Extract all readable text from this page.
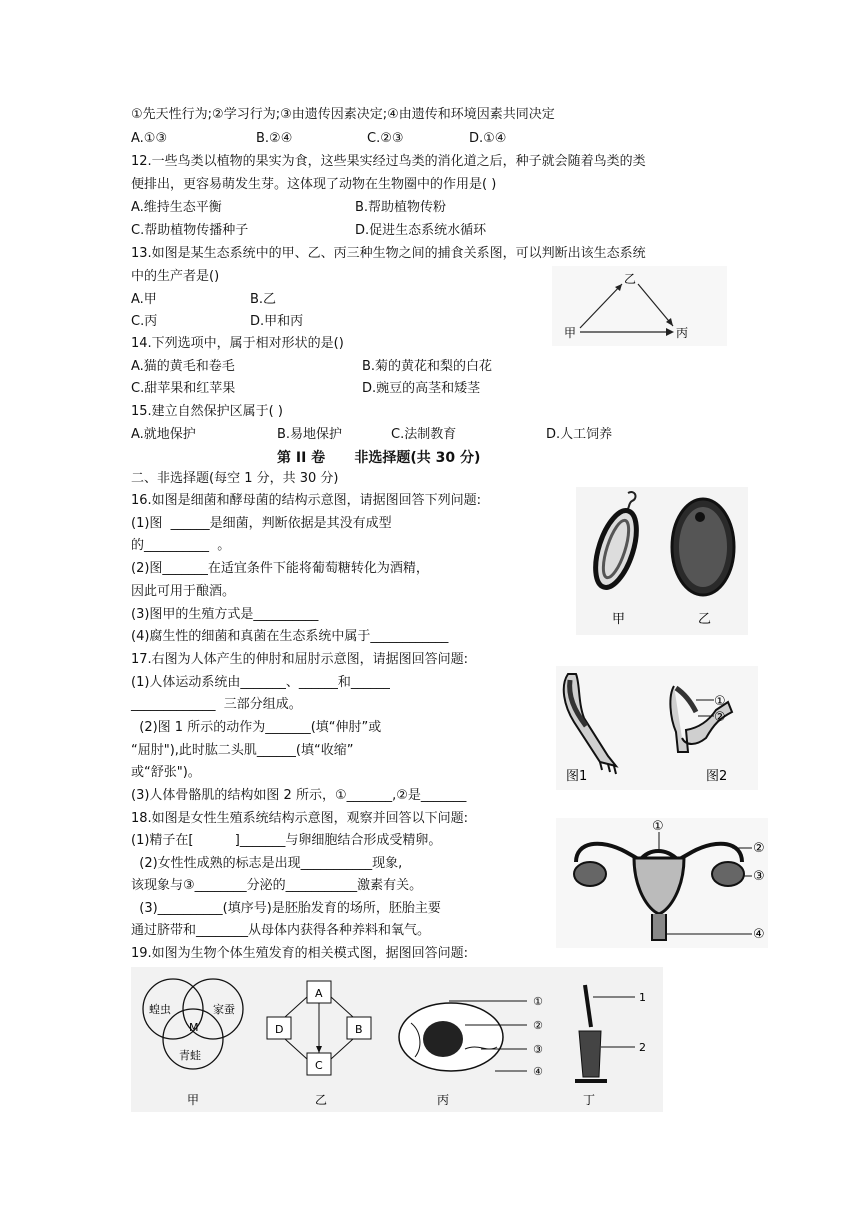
①先天性行为;②学习行为;③由遗传因素决定;④由遗传和环境因素共同决定
A.①③	B.②④	C.②③	D.①④
12.一些鸟类以植物的果实为食，这些果实经过鸟类的消化道之后，种子就会随着鸟类的类
便排出，更容易萌发生芽。这体现了动物在生物圈中的作用是( )
A.维持生态平衡	B.帮助植物传粉
C.帮助植物传播种子	D.促进生态系统水循环
13.如图是某生态系统中的甲、乙、丙三种生物之间的捕食关系图，可以判断出该生态系统
中的生产者是()
A.甲	B.乙
C.丙	D.甲和丙
14.下列选项中，属于相对形状的是()
A.猫的黄毛和卷毛	B.菊的黄花和梨的白花
C.甜苹果和红苹果	D.豌豆的高茎和矮茎
15.建立自然保护区属于( )
A.就地保护	B.易地保护	C.法制教育	D.人工饲养
第 II 卷      非选择题(共 30 分)
二、非选择题(每空 1 分，共 30 分)
16.如图是细菌和酵母菌的结构示意图，请据图回答下列问题:
(1)图  ______是细菌，判断依据是其没有成型
的__________  。
(2)图_______在适宜条件下能将葡萄糖转化为酒精，
因此可用于酿酒。
(3)图甲的生殖方式是__________
(4)腐生性的细菌和真菌在生态系统中属于____________
17.右图为人体产生的伸肘和屈肘示意图，请据图回答问题:
(1)人体运动系统由_______、______和______
_____________  三部分组成。
(2)图 1 所示的动作为_______(填“伸肘”或
“屈肘"),此时肱二头肌______(填“收缩”
或“舒张")。
(3)人体骨骼肌的结构如图 2 所示，①_______,②是_______
18.如图是女性生殖系统结构示意图，观察并回答以下问题:
(1)精子在[          ]_______与卵细胞结合形成受精卵。
(2)女性性成熟的标志是出现___________现象,
该现象与③________分泌的___________激素有关。
(3)__________(填序号)是胚胎发育的场所，胚胎主要
通过脐带和________从母体内获得各种养料和氧气。
19.如图为生物个体生殖发育的相关模式图，据图回答问题:
乙
甲	丙
甲	乙
①
②
图1	图2
①
②
③
④
蝗虫	家蚕
M
青蛙
A
B
C
D
①
②
③
④
1
2
甲	乙	丙	丁
